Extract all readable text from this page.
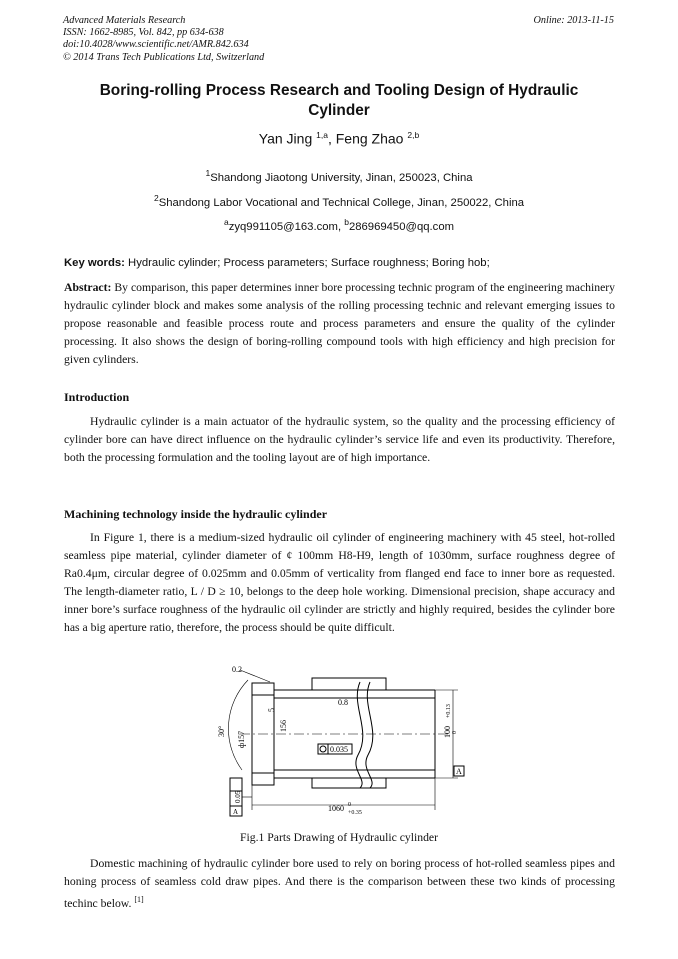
Advanced Materials Research
ISSN: 1662-8985, Vol. 842, pp 634-638
doi:10.4028/www.scientific.net/AMR.842.634
© 2014 Trans Tech Publications Ltd, Switzerland
Online: 2013-11-15
Boring-rolling Process Research and Tooling Design of Hydraulic Cylinder
Yan Jing $^{1,a}$, Feng Zhao $^{2,b}$
$^1$Shandong Jiaotong University, Jinan, 250023, China
$^2$Shandong Labor Vocational and Technical College, Jinan, 250022, China
$^a$zyq991105@163.com, $^b$286969450@qq.com
Key words: Hydraulic cylinder; Process parameters; Surface roughness; Boring hob;
Abstract: By comparison, this paper determines inner bore processing technic program of the engineering machinery hydraulic cylinder block and makes some analysis of the rolling processing technic and relevant emerging issues to propose reasonable and feasible process route and process parameters and ensure the quality of the cylinder processing. It also shows the design of boring-rolling compound tools with high efficiency and high precision for given cylinders.
Introduction
Hydraulic cylinder is a main actuator of the hydraulic system, so the quality and the processing efficiency of cylinder bore can have direct influence on the hydraulic cylinder’s service life and even its productivity. Therefore, both the processing formulation and the tooling layout are of high importance.
Machining technology inside the hydraulic cylinder
In Figure 1, there is a medium-sized hydraulic oil cylinder of engineering machinery with 45 steel, hot-rolled seamless pipe material, cylinder diameter of ¢ 100mm H8-H9, length of 1030mm, surface roughness degree of Ra0.4μm, circular degree of 0.025mm and 0.05mm of verticality from flanged end face to inner bore as requested. The length-diameter ratio, L / D ≥ 10, belongs to the deep hole working. Dimensional precision, shape accuracy and inner bore’s surface roughness of the hydraulic oil cylinder are strictly and highly required, besides the cylinder bore has a big aperture ratio, therefore, the process should be quite difficult.
30°
0.2
0.8
5
156
ф157
0.035
100
+0.13
0
A
0.05
A	1060 0
+0.35
Fig.1 Parts Drawing of Hydraulic cylinder
Domestic machining of hydraulic cylinder bore used to rely on boring process of hot-rolled seamless pipes and honing process of seamless cold draw pipes. And there is the comparison between these two kinds of processing techinc below. [1]
